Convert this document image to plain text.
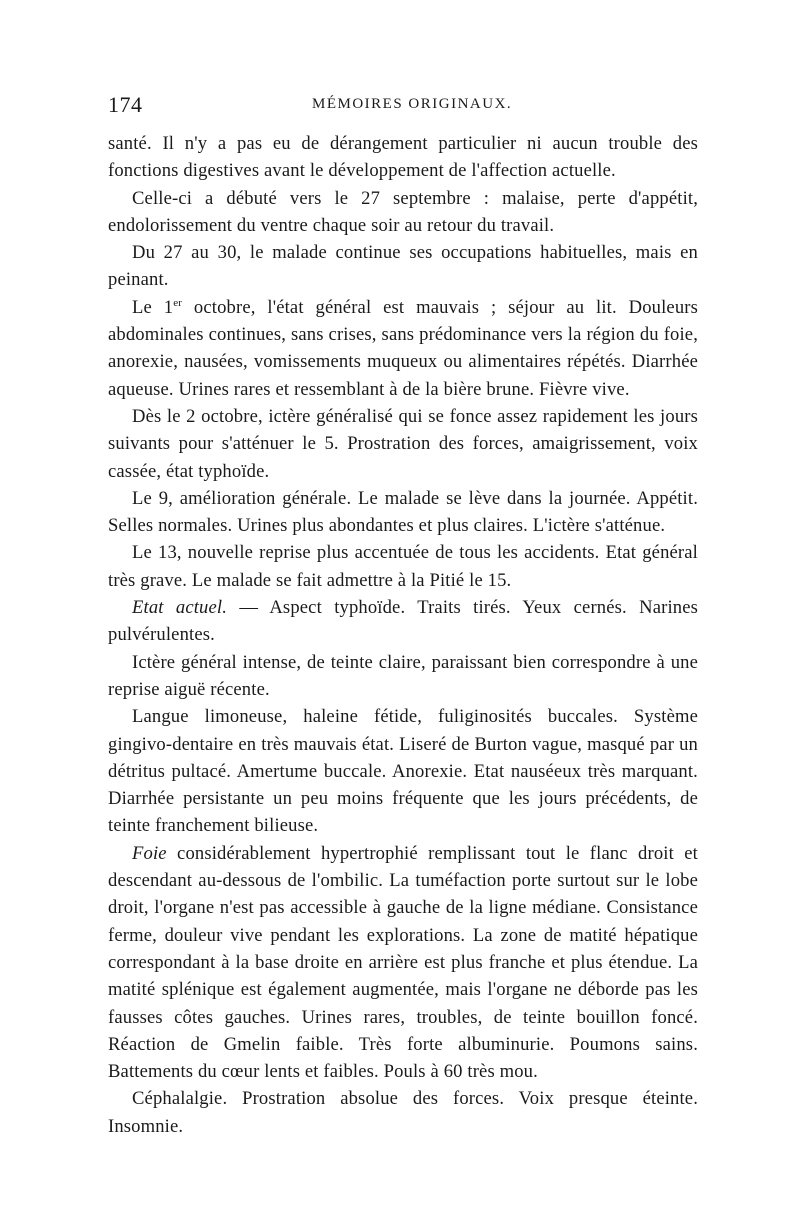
174	MÉMOIRES ORIGINAUX.

santé. Il n'y a pas eu de dérangement particulier ni aucun trouble des fonctions digestives avant le développement de l'affection actuelle.

Celle-ci a débuté vers le 27 septembre : malaise, perte d'appétit, endolorissement du ventre chaque soir au retour du travail.

Du 27 au 30, le malade continue ses occupations habituelles, mais en peinant.

Le 1er octobre, l'état général est mauvais ; séjour au lit. Douleurs abdominales continues, sans crises, sans prédominance vers la région du foie, anorexie, nausées, vomissements muqueux ou alimentaires répétés. Diarrhée aqueuse. Urines rares et ressemblant à de la bière brune. Fièvre vive.

Dès le 2 octobre, ictère généralisé qui se fonce assez rapidement les jours suivants pour s'atténuer le 5. Prostration des forces, amaigrissement, voix cassée, état typhoïde.

Le 9, amélioration générale. Le malade se lève dans la journée. Appétit. Selles normales. Urines plus abondantes et plus claires. L'ictère s'atténue.

Le 13, nouvelle reprise plus accentuée de tous les accidents. Etat général très grave. Le malade se fait admettre à la Pitié le 15.

Etat actuel. — Aspect typhoïde. Traits tirés. Yeux cernés. Narines pulvérulentes.

Ictère général intense, de teinte claire, paraissant bien correspondre à une reprise aiguë récente.

Langue limoneuse, haleine fétide, fuliginosités buccales. Système gingivo-dentaire en très mauvais état. Liseré de Burton vague, masqué par un détritus pultacé. Amertume buccale. Anorexie. Etat nauséeux très marquant. Diarrhée persistante un peu moins fréquente que les jours précédents, de teinte franchement bilieuse.

Foie considérablement hypertrophié remplissant tout le flanc droit et descendant au-dessous de l'ombilic. La tuméfaction porte surtout sur le lobe droit, l'organe n'est pas accessible à gauche de la ligne médiane. Consistance ferme, douleur vive pendant les explorations. La zone de matité hépatique correspondant à la base droite en arrière est plus franche et plus étendue. La matité splénique est également augmentée, mais l'organe ne déborde pas les fausses côtes gauches. Urines rares, troubles, de teinte bouillon foncé. Réaction de Gmelin faible. Très forte albuminurie. Poumons sains. Battements du cœur lents et faibles. Pouls à 60 très mou.

Céphalalgie. Prostration absolue des forces. Voix presque éteinte. Insomnie.
